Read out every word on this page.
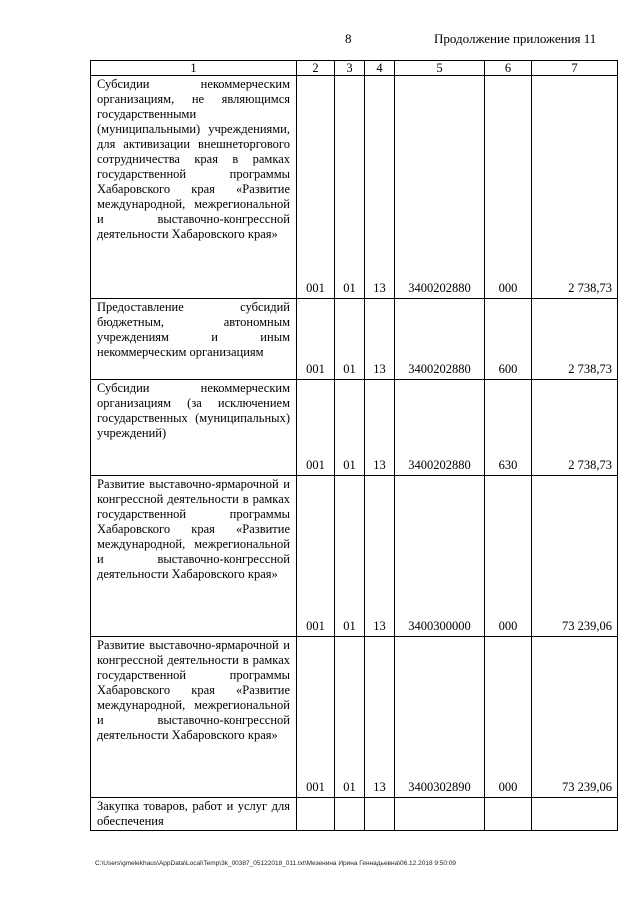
8	Продолжение приложения 11
1	2	3	4	5	6	7
Субсидии некоммерческим организациям, не являющимся государственными (муниципальными) учреждениями, для активизации внешнеторгового сотрудничества края в рамках государственной программы Хабаровского края «Развитие международной, межрегиональной и выставочно-конгрессной деятельности Хабаровского края»	001	01	13	3400202880	000	2 738,73
Предоставление субсидий бюджетным, автономным учреждениям и иным некоммерческим организациям	001	01	13	3400202880	600	2 738,73
Субсидии некоммерческим организациям (за исключением государственных (муниципальных) учреждений)	001	01	13	3400202880	630	2 738,73
Развитие выставочно-ярмарочной и конгрессной деятельности в рамках государственной программы Хабаровского края «Развитие международной, межрегиональной и выставочно-конгрессной деятельности Хабаровского края»	001	01	13	3400300000	000	73 239,06
Развитие выставочно-ярмарочной и конгрессной деятельности в рамках государственной программы Хабаровского края «Развитие международной, межрегиональной и выставочно-конгрессной деятельности Хабаровского края»	001	01	13	3400302890	000	73 239,06
Закупка товаров, работ и услуг для обеспечения						
C:\Users\gmelekhaus\AppData\Local\Temp\3k_00387_05122018_011.txt\Мезенина Ирина Геннадьевна\06.12.2018 9:50:09
